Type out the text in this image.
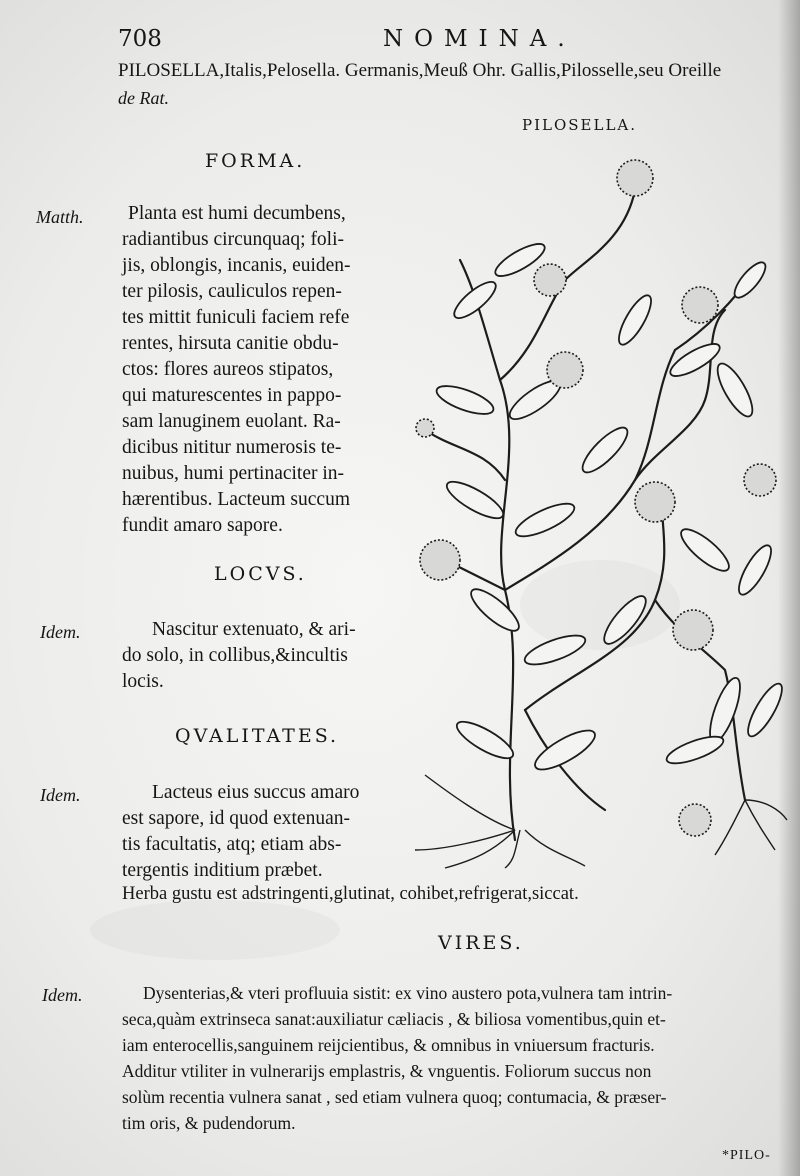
708	NOMINA.
PILOSELLA,Italis,Pelosella. Germanis,Meuß Ohr. Gallis,Pilosselle,seu Oreille
de Rat.
PILOSELLA.
FORMA.
Matth. Planta est humi decumbens,
radiantibus circunquaq; foli-
jis, oblongis, incanis, euiden-
ter pilosis, cauliculos repen-
tes mittit funiculi faciem refe
rentes, hirsuta canitie obdu-
ctos: flores aureos stipatos,
qui maturescentes in pappo-
sam lanuginem euolant. Ra-
dicibus nititur numerosis te-
nuibus, humi pertinaciter in-
hærentibus. Lacteum succum
fundit amaro sapore.
LOCVS.
Idem.	Nascitur extenuato, & ari-
do solo, in collibus,&incultis
locis.
QVALITATES.
Idem.	Lacteus eius succus amaro
est sapore, id quod extenuan-
tis facultatis, atq; etiam abs-
tergentis inditium præbet.
Herba gustu est adstringenti,glutinat, cohibet,refrigerat,siccat.
VIRES.
Idem.	Dysenterias,& vteri profluuia sistit: ex vino austero pota,vulnera tam intrin-
seca,quàm extrinseca sanat:auxiliatur cæliacis , & biliosa vomentibus,quin et-
iam enterocellis,sanguinem reijcientibus, & omnibus in vniuersum fracturis.
Additur vtiliter in vulnerarijs emplastris, & vnguentis. Foliorum succus non
solùm recentia vulnera sanat , sed etiam vulnera quoq; contumacia, & præser-
tim oris, & pudendorum.
*PILO-
